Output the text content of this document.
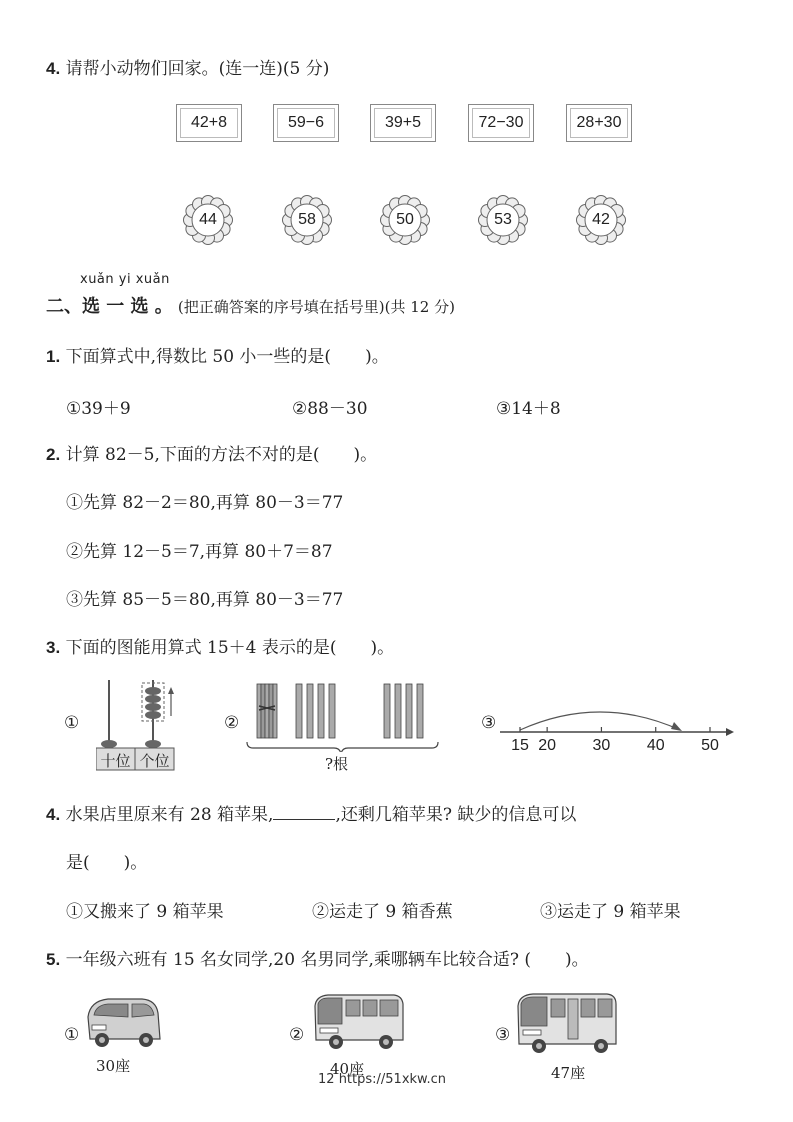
4. 请帮小动物们回家。(连一连)(5 分)
42+8	59−6	39+5	72−30	28+30
44	58	50	53	42
xuǎn yi xuǎn
二、选 一 选 。 (把正确答案的序号填在括号里)(共 12 分)
1. 下面算式中,得数比 50 小一些的是(　　)。
①39＋9	②88－30	③14＋8
2. 计算 82－5,下面的方法不对的是(　　)。
①先算 82－2＝80,再算 80－3＝77
②先算 12－5＝7,再算 80＋7＝87
③先算 85－5＝80,再算 80－3＝77
3. 下面的图能用算式 15＋4 表示的是(　　)。
①
十位 个位
②
?根
③
15 20 30 40 50
4. 水果店里原来有 28 箱苹果,	,还剩几箱苹果? 缺少的信息可以
是(　　)。
①又搬来了 9 箱苹果	②运走了 9 箱香蕉	③运走了 9 箱苹果
5. 一年级六班有 15 名女同学,20 名男同学,乘哪辆车比较合适? (　　)。
①
30座
②
40座
③
47座
12 https://51xkw.cn
